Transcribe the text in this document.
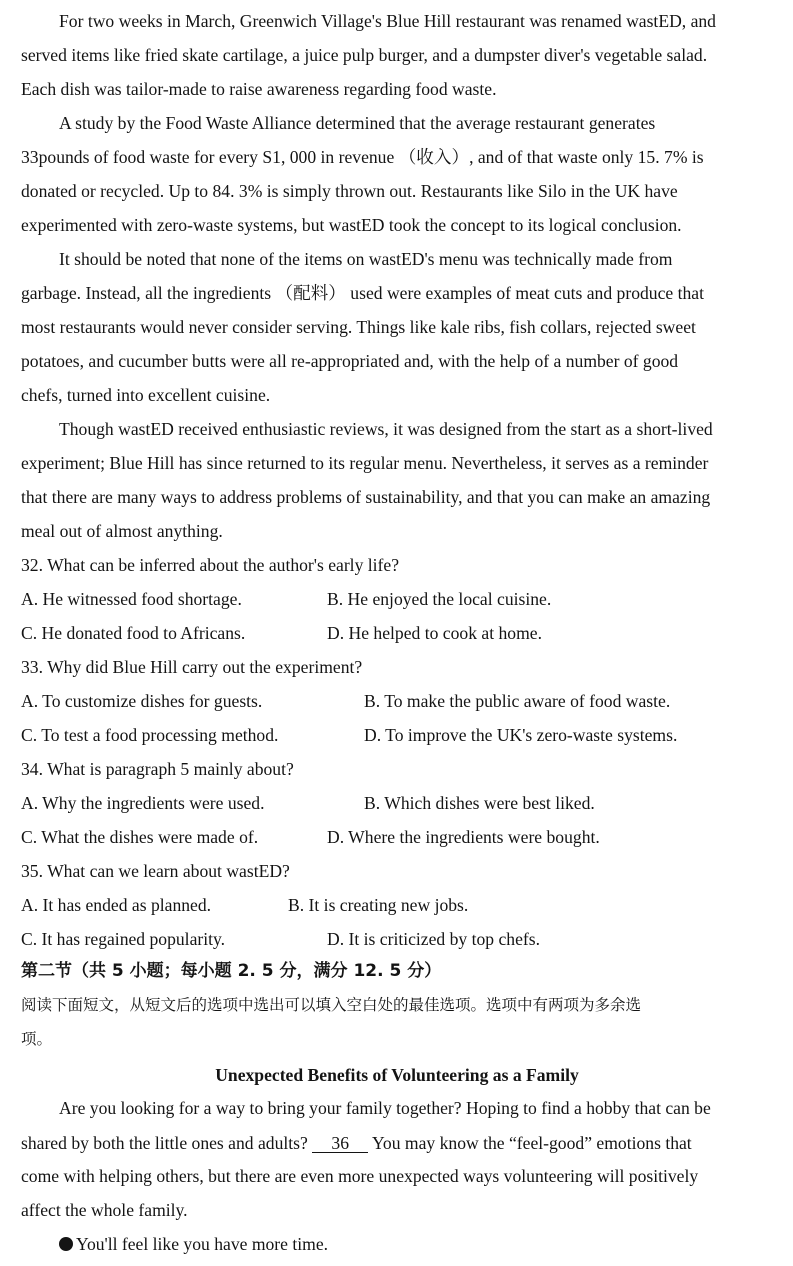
For two weeks in March, Greenwich Village's Blue Hill restaurant was renamed wastED, and
served items like fried skate cartilage, a juice pulp burger, and a dumpster diver's vegetable salad.
Each dish was tailor-made to raise awareness regarding food waste.
A study by the Food Waste Alliance determined that the average restaurant generates
33pounds of food waste for every S1, 000 in revenue （收入）, and of that waste only 15. 7% is
donated or recycled. Up to 84. 3% is simply thrown out. Restaurants like Silo in the UK have
experimented with zero-waste systems, but wastED took the concept to its logical conclusion.
It should be noted that none of the items on wastED's menu was technically made from
garbage. Instead, all the ingredients （配料） used were examples of meat cuts and produce that
most restaurants would never consider serving. Things like kale ribs, fish collars, rejected sweet
potatoes, and cucumber butts were all re-appropriated and, with the help of a number of good
chefs, turned into excellent cuisine.
Though wastED received enthusiastic reviews, it was designed from the start as a short-lived
experiment; Blue Hill has since returned to its regular menu. Nevertheless, it serves as a reminder
that there are many ways to address problems of sustainability, and that you can make an amazing
meal out of almost anything.
32. What can be inferred about the author's early life?
A. He witnessed food shortage.	B. He enjoyed the local cuisine.
C. He donated food to Africans.	D. He helped to cook at home.
33. Why did Blue Hill carry out the experiment?
A. To customize dishes for guests.	B. To make the public aware of food waste.
C. To test a food processing method.	D. To improve the UK's zero-waste systems.
34. What is paragraph 5 mainly about?
A. Why the ingredients were used.	B. Which dishes were best liked.
C. What the dishes were made of.	D. Where the ingredients were bought.
35. What can we learn about wastED?
A. It has ended as planned.	B. It is creating new jobs.
C. It has regained popularity.	D. It is criticized by top chefs.
第二节（共 5 小题；每小题 2. 5 分，满分 12. 5 分）
阅读下面短文，从短文后的选项中选出可以填入空白处的最佳选项。选项中有两项为多余选
项。
Unexpected Benefits of Volunteering as a Family
Are you looking for a way to bring your family together? Hoping to find a hobby that can be
shared by both the little ones and adults? 36 You may know the “feel-good” emotions that
come with helping others, but there are even more unexpected ways volunteering will positively
affect the whole family.
You'll feel like you have more time.
